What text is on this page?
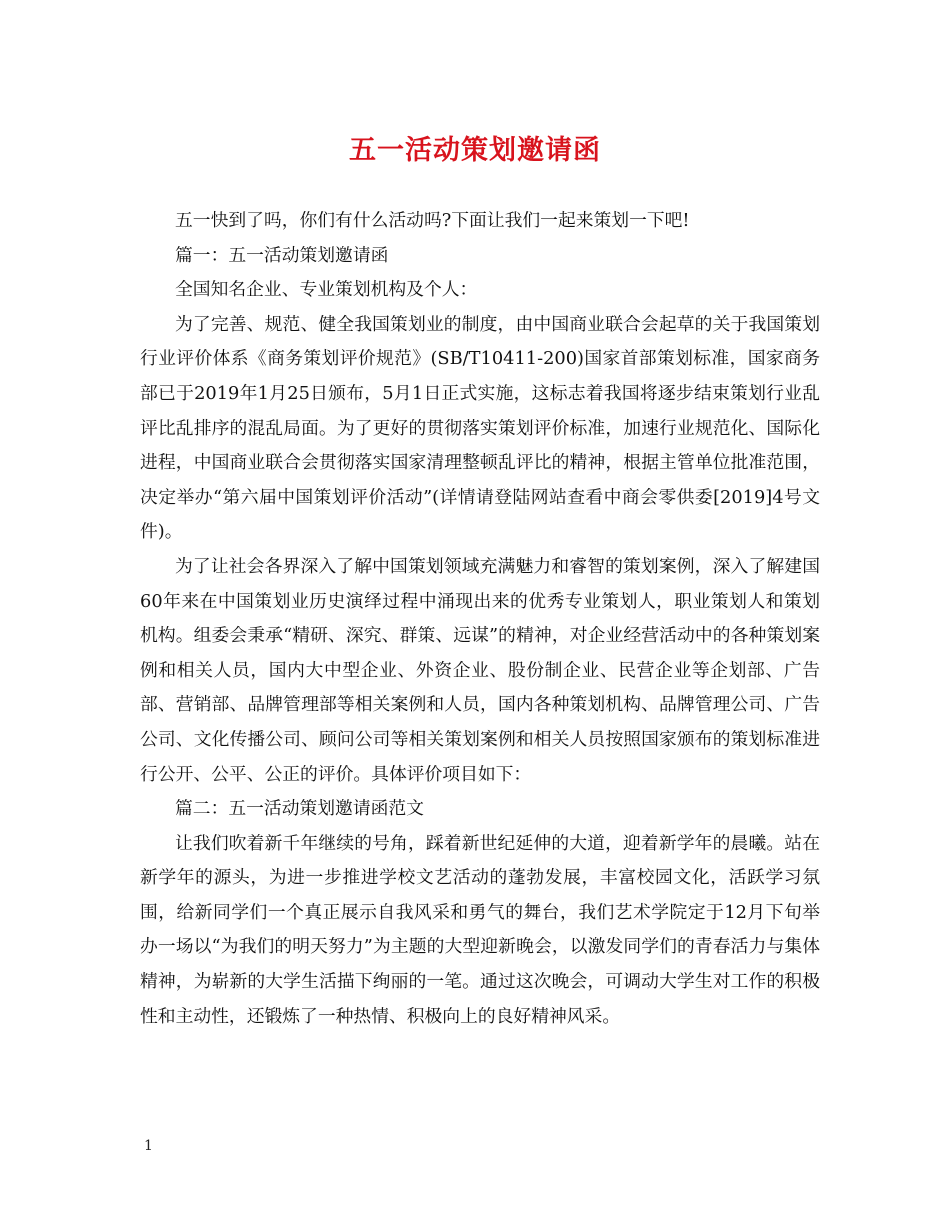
五一活动策划邀请函

五一快到了吗，你们有什么活动吗?下面让我们一起来策划一下吧!

篇一：五一活动策划邀请函

全国知名企业、专业策划机构及个人：

为了完善、规范、健全我国策划业的制度，由中国商业联合会起草的关于我国策划行业评价体系《商务策划评价规范》(SB/T10411-200)国家首部策划标准，国家商务部已于2019年1月25日颁布，5月1日正式实施，这标志着我国将逐步结束策划行业乱评比乱排序的混乱局面。为了更好的贯彻落实策划评价标准，加速行业规范化、国际化进程，中国商业联合会贯彻落实国家清理整顿乱评比的精神，根据主管单位批准范围，决定举办“第六届中国策划评价活动”(详情请登陆网站查看中商会零供委[2019]4号文件)。

为了让社会各界深入了解中国策划领域充满魅力和睿智的策划案例，深入了解建国60年来在中国策划业历史演绎过程中涌现出来的优秀专业策划人，职业策划人和策划机构。组委会秉承“精研、深究、群策、远谋”的精神，对企业经营活动中的各种策划案例和相关人员，国内大中型企业、外资企业、股份制企业、民营企业等企划部、广告部、营销部、品牌管理部等相关案例和人员，国内各种策划机构、品牌管理公司、广告公司、文化传播公司、顾问公司等相关策划案例和相关人员按照国家颁布的策划标准进行公开、公平、公正的评价。具体评价项目如下：

篇二：五一活动策划邀请函范文

让我们吹着新千年继续的号角，踩着新世纪延伸的大道，迎着新学年的晨曦。站在新学年的源头，为进一步推进学校文艺活动的蓬勃发展，丰富校园文化，活跃学习氛围，给新同学们一个真正展示自我风采和勇气的舞台，我们艺术学院定于12月下旬举办一场以“为我们的明天努力”为主题的大型迎新晚会，以激发同学们的青春活力与集体精神，为崭新的大学生活描下绚丽的一笔。通过这次晚会，可调动大学生对工作的积极性和主动性，还锻炼了一种热情、积极向上的良好精神风采。

1
